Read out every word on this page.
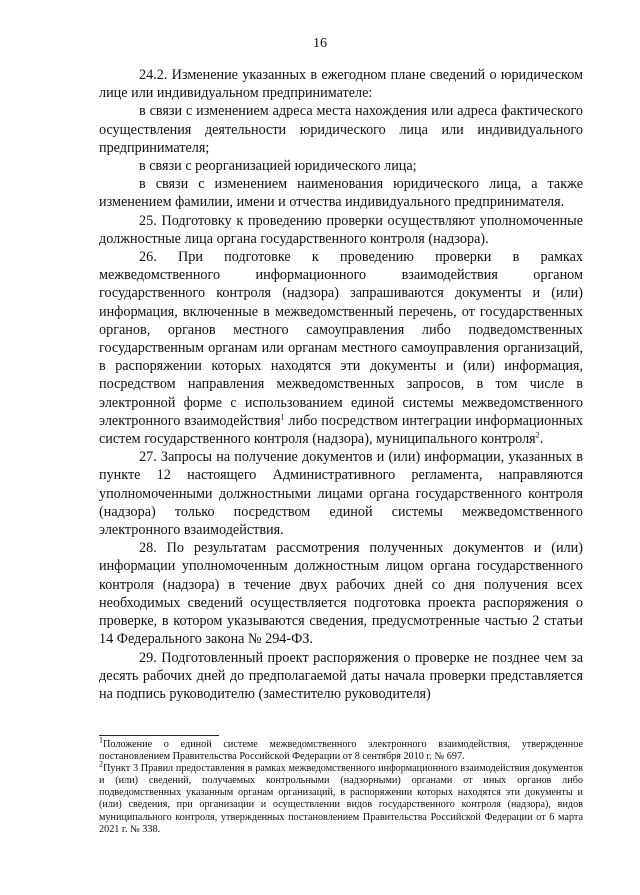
16

24.2. Изменение указанных в ежегодном плане сведений о юридическом лице или индивидуальном предпринимателе:

в связи с изменением адреса места нахождения или адреса фактического осуществления деятельности юридического лица или индивидуального предпринимателя;

в связи с реорганизацией юридического лица;

в связи с изменением наименования юридического лица, а также изменением фамилии, имени и отчества индивидуального предпринимателя.

25. Подготовку к проведению проверки осуществляют уполномоченные должностные лица органа государственного контроля (надзора).

26. При подготовке к проведению проверки в рамках межведомственного информационного взаимодействия органом государственного контроля (надзора) запрашиваются документы и (или) информация, включенные в межведомственный перечень, от государственных органов, органов местного самоуправления либо подведомственных государственным органам или органам местного самоуправления организаций, в распоряжении которых находятся эти документы и (или) информация, посредством направления межведомственных запросов, в том числе в электронной форме с использованием единой системы межведомственного электронного взаимодействия$^1$ либо посредством интеграции информационных систем государственного контроля (надзора), муниципального контроля$^2$.

27. Запросы на получение документов и (или) информации, указанных в пункте 12 настоящего Административного регламента, направляются уполномоченными должностными лицами органа государственного контроля (надзора) только посредством единой системы межведомственного электронного взаимодействия.

28. По результатам рассмотрения полученных документов и (или) информации уполномоченным должностным лицом органа государственного контроля (надзора) в течение двух рабочих дней со дня получения всех необходимых сведений осуществляется подготовка проекта распоряжения о проверке, в котором указываются сведения, предусмотренные частью 2 статьи 14 Федерального закона № 294-ФЗ.

29. Подготовленный проект распоряжения о проверке не позднее чем за десять рабочих дней до предполагаемой даты начала проверки представляется на подпись руководителю (заместителю руководителя)

$^1$Положение о единой системе межведомственного электронного взаимодействия, утвержденное постановлением Правительства Российской Федерации от 8 сентября 2010 г. № 697.

$^2$Пункт 3 Правил предоставления в рамках межведомственного информационного взаимодействия документов и (или) сведений, получаемых контрольными (надзорными) органами от иных органов либо подведомственных указанным органам организаций, в распоряжении которых находятся эти документы и (или) сведения, при организации и осуществлении видов государственного контроля (надзора), видов муниципального контроля, утвержденных постановлением Правительства Российской Федерации от 6 марта 2021 г. № 338.
